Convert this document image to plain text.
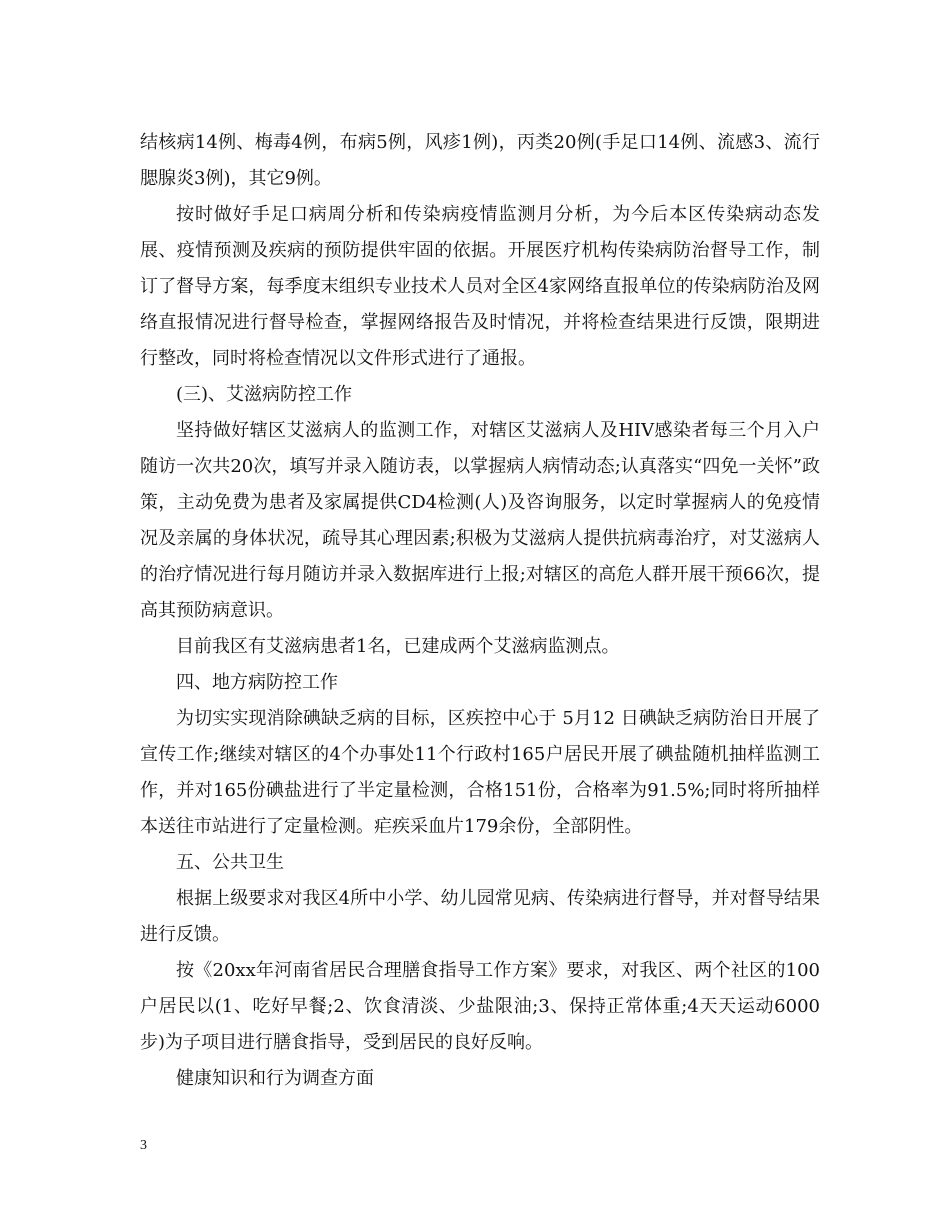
结核病14例、梅毒4例，布病5例，风疹1例)，丙类20例(手足口14例、流感3、流行腮腺炎3例)，其它9例。

按时做好手足口病周分析和传染病疫情监测月分析，为今后本区传染病动态发展、疫情预测及疾病的预防提供牢固的依据。开展医疗机构传染病防治督导工作，制订了督导方案，每季度末组织专业技术人员对全区4家网络直报单位的传染病防治及网络直报情况进行督导检查，掌握网络报告及时情况，并将检查结果进行反馈，限期进行整改，同时将检查情况以文件形式进行了通报。

(三)、艾滋病防控工作

坚持做好辖区艾滋病人的监测工作，对辖区艾滋病人及HIV感染者每三个月入户随访一次共20次，填写并录入随访表，以掌握病人病情动态;认真落实“四免一关怀”政策，主动免费为患者及家属提供CD4检测(人)及咨询服务，以定时掌握病人的免疫情况及亲属的身体状况，疏导其心理因素;积极为艾滋病人提供抗病毒治疗，对艾滋病人的治疗情况进行每月随访并录入数据库进行上报;对辖区的高危人群开展干预66次，提高其预防病意识。

目前我区有艾滋病患者1名，已建成两个艾滋病监测点。

四、地方病防控工作

为切实实现消除碘缺乏病的目标，区疾控中心于 5月12 日碘缺乏病防治日开展了宣传工作;继续对辖区的4个办事处11个行政村165户居民开展了碘盐随机抽样监测工作，并对165份碘盐进行了半定量检测，合格151份，合格率为91.5%;同时将所抽样本送往市站进行了定量检测。疟疾采血片179余份，全部阴性。

五、公共卫生

根据上级要求对我区4所中小学、幼儿园常见病、传染病进行督导，并对督导结果进行反馈。

按《20xx年河南省居民合理膳食指导工作方案》要求，对我区、两个社区的100户居民以(1、吃好早餐;2、饮食清淡、少盐限油;3、保持正常体重;4天天运动6000步)为子项目进行膳食指导，受到居民的良好反响。

健康知识和行为调查方面

3
